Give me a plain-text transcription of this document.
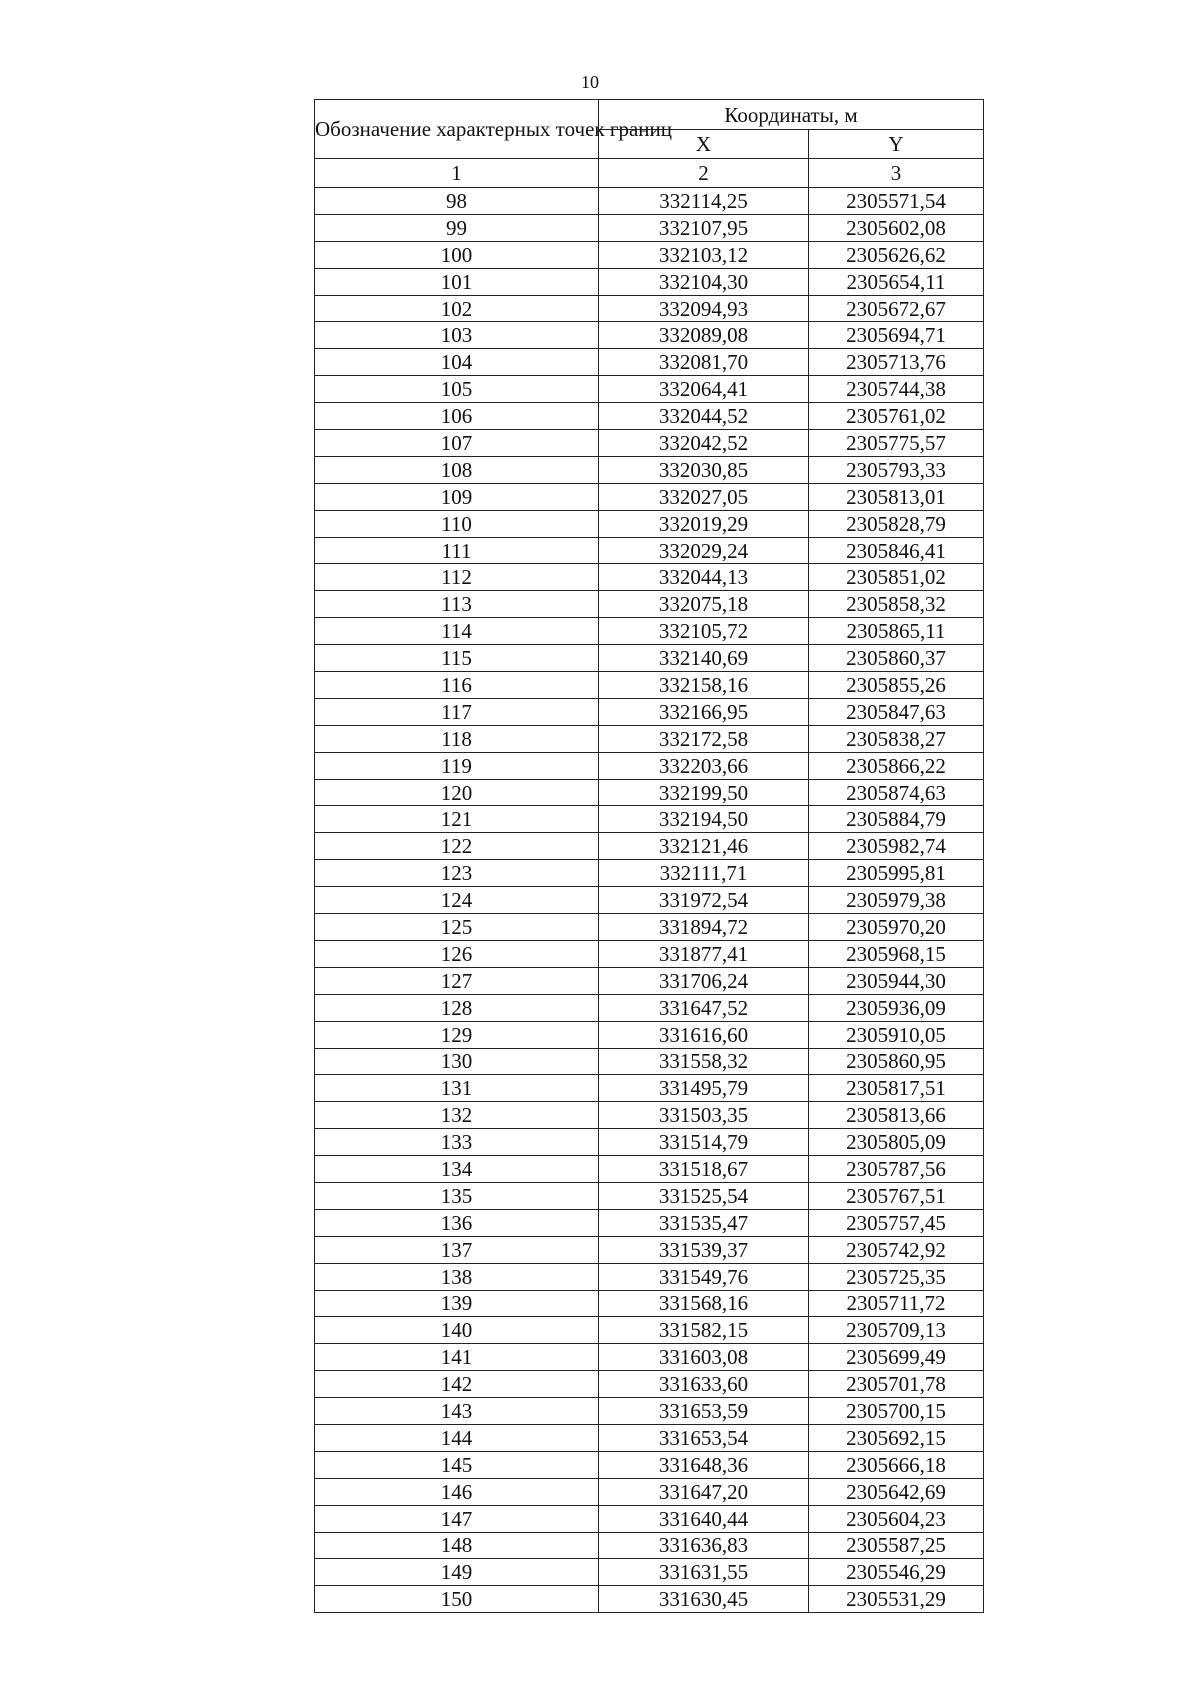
10
Обозначение характерных точек границ	Координаты, м	
	X	Y
1	2	3
98	332114,25	2305571,54
99	332107,95	2305602,08
100	332103,12	2305626,62
101	332104,30	2305654,11
102	332094,93	2305672,67
103	332089,08	2305694,71
104	332081,70	2305713,76
105	332064,41	2305744,38
106	332044,52	2305761,02
107	332042,52	2305775,57
108	332030,85	2305793,33
109	332027,05	2305813,01
110	332019,29	2305828,79
111	332029,24	2305846,41
112	332044,13	2305851,02
113	332075,18	2305858,32
114	332105,72	2305865,11
115	332140,69	2305860,37
116	332158,16	2305855,26
117	332166,95	2305847,63
118	332172,58	2305838,27
119	332203,66	2305866,22
120	332199,50	2305874,63
121	332194,50	2305884,79
122	332121,46	2305982,74
123	332111,71	2305995,81
124	331972,54	2305979,38
125	331894,72	2305970,20
126	331877,41	2305968,15
127	331706,24	2305944,30
128	331647,52	2305936,09
129	331616,60	2305910,05
130	331558,32	2305860,95
131	331495,79	2305817,51
132	331503,35	2305813,66
133	331514,79	2305805,09
134	331518,67	2305787,56
135	331525,54	2305767,51
136	331535,47	2305757,45
137	331539,37	2305742,92
138	331549,76	2305725,35
139	331568,16	2305711,72
140	331582,15	2305709,13
141	331603,08	2305699,49
142	331633,60	2305701,78
143	331653,59	2305700,15
144	331653,54	2305692,15
145	331648,36	2305666,18
146	331647,20	2305642,69
147	331640,44	2305604,23
148	331636,83	2305587,25
149	331631,55	2305546,29
150	331630,45	2305531,29
